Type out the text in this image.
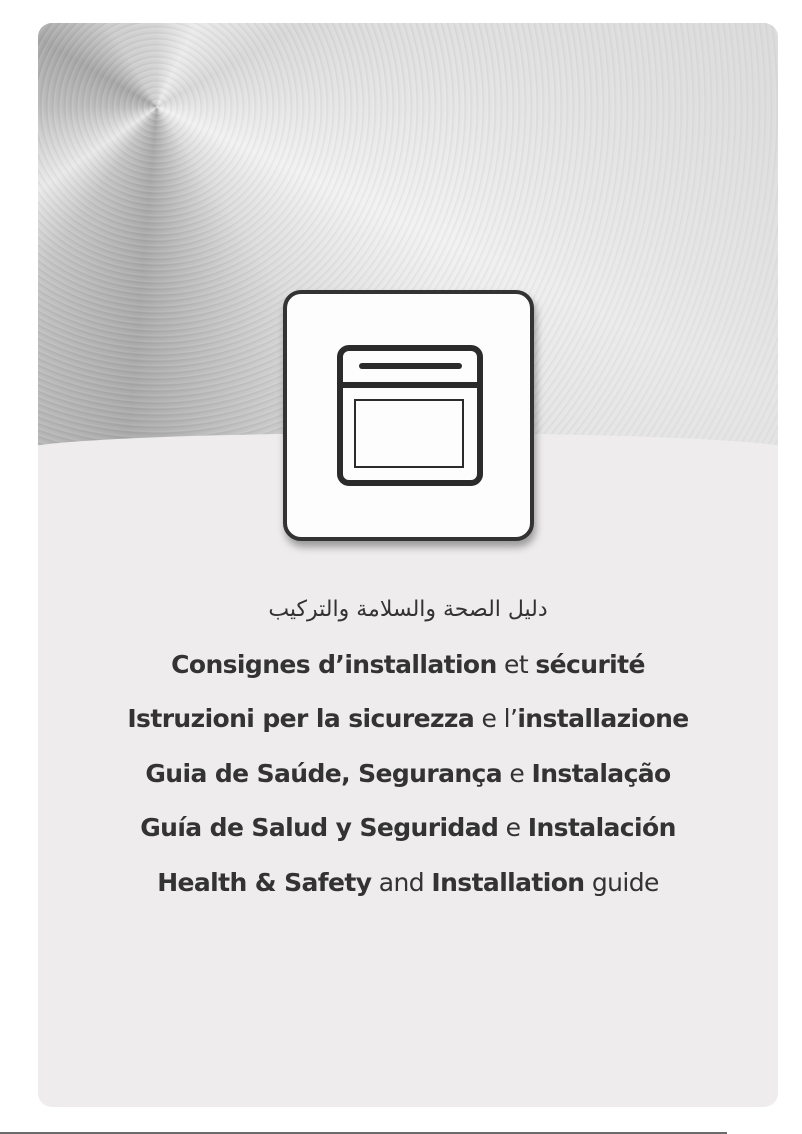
دليل الصحة والسلامة والتركيب
Consignes d’installation et sécurité
Istruzioni per la sicurezza e l’installazione
Guia de Saúde, Segurança e Instalação
Guía de Salud y Seguridad e Instalación
Health & Safety and Installation guide
